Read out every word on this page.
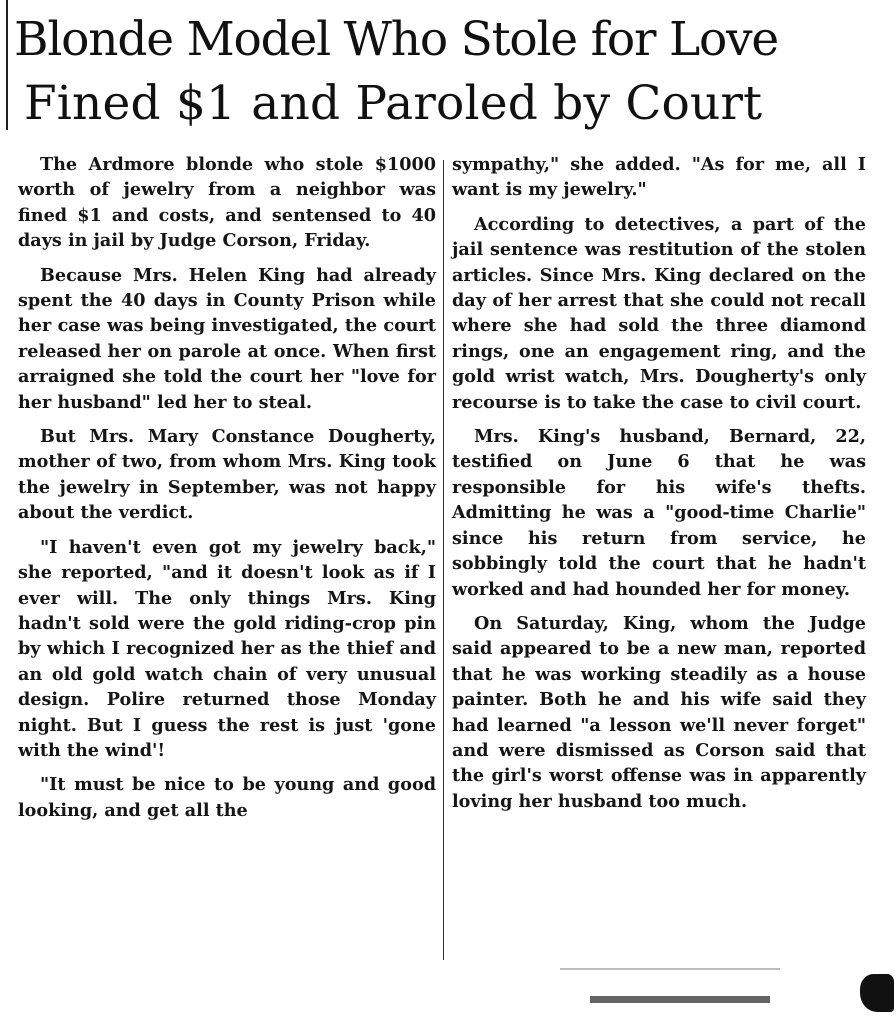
Blonde Model Who Stole for Love
Fined $1 and Paroled by Court

The Ardmore blonde who stole $1000 worth of jewelry from a neighbor was fined $1 and costs, and sentensed to 40 days in jail by Judge Corson, Friday.

Because Mrs. Helen King had already spent the 40 days in County Prison while her case was being investigated, the court released her on parole at once. When first arraigned she told the court her "love for her husband" led her to steal.

But Mrs. Mary Constance Dougherty, mother of two, from whom Mrs. King took the jewelry in September, was not happy about the verdict.

"I haven't even got my jewelry back," she reported, "and it doesn't look as if I ever will. The only things Mrs. King hadn't sold were the gold riding-crop pin by which I recognized her as the thief and an old gold watch chain of very unusual design. Polire returned those Monday night. But I guess the rest is just 'gone with the wind'!

"It must be nice to be young and good looking, and get all the

sympathy," she added. "As for me, all I want is my jewelry."

According to detectives, a part of the jail sentence was restitution of the stolen articles. Since Mrs. King declared on the day of her arrest that she could not recall where she had sold the three diamond rings, one an engagement ring, and the gold wrist watch, Mrs. Dougherty's only recourse is to take the case to civil court.

Mrs. King's husband, Bernard, 22, testified on June 6 that he was responsible for his wife's thefts. Admitting he was a "good-time Charlie" since his return from service, he sobbingly told the court that he hadn't worked and had hounded her for money.

On Saturday, King, whom the Judge said appeared to be a new man, reported that he was working steadily as a house painter. Both he and his wife said they had learned "a lesson we'll never forget" and were dismissed as Corson said that the girl's worst offense was in apparently loving her husband too much.
